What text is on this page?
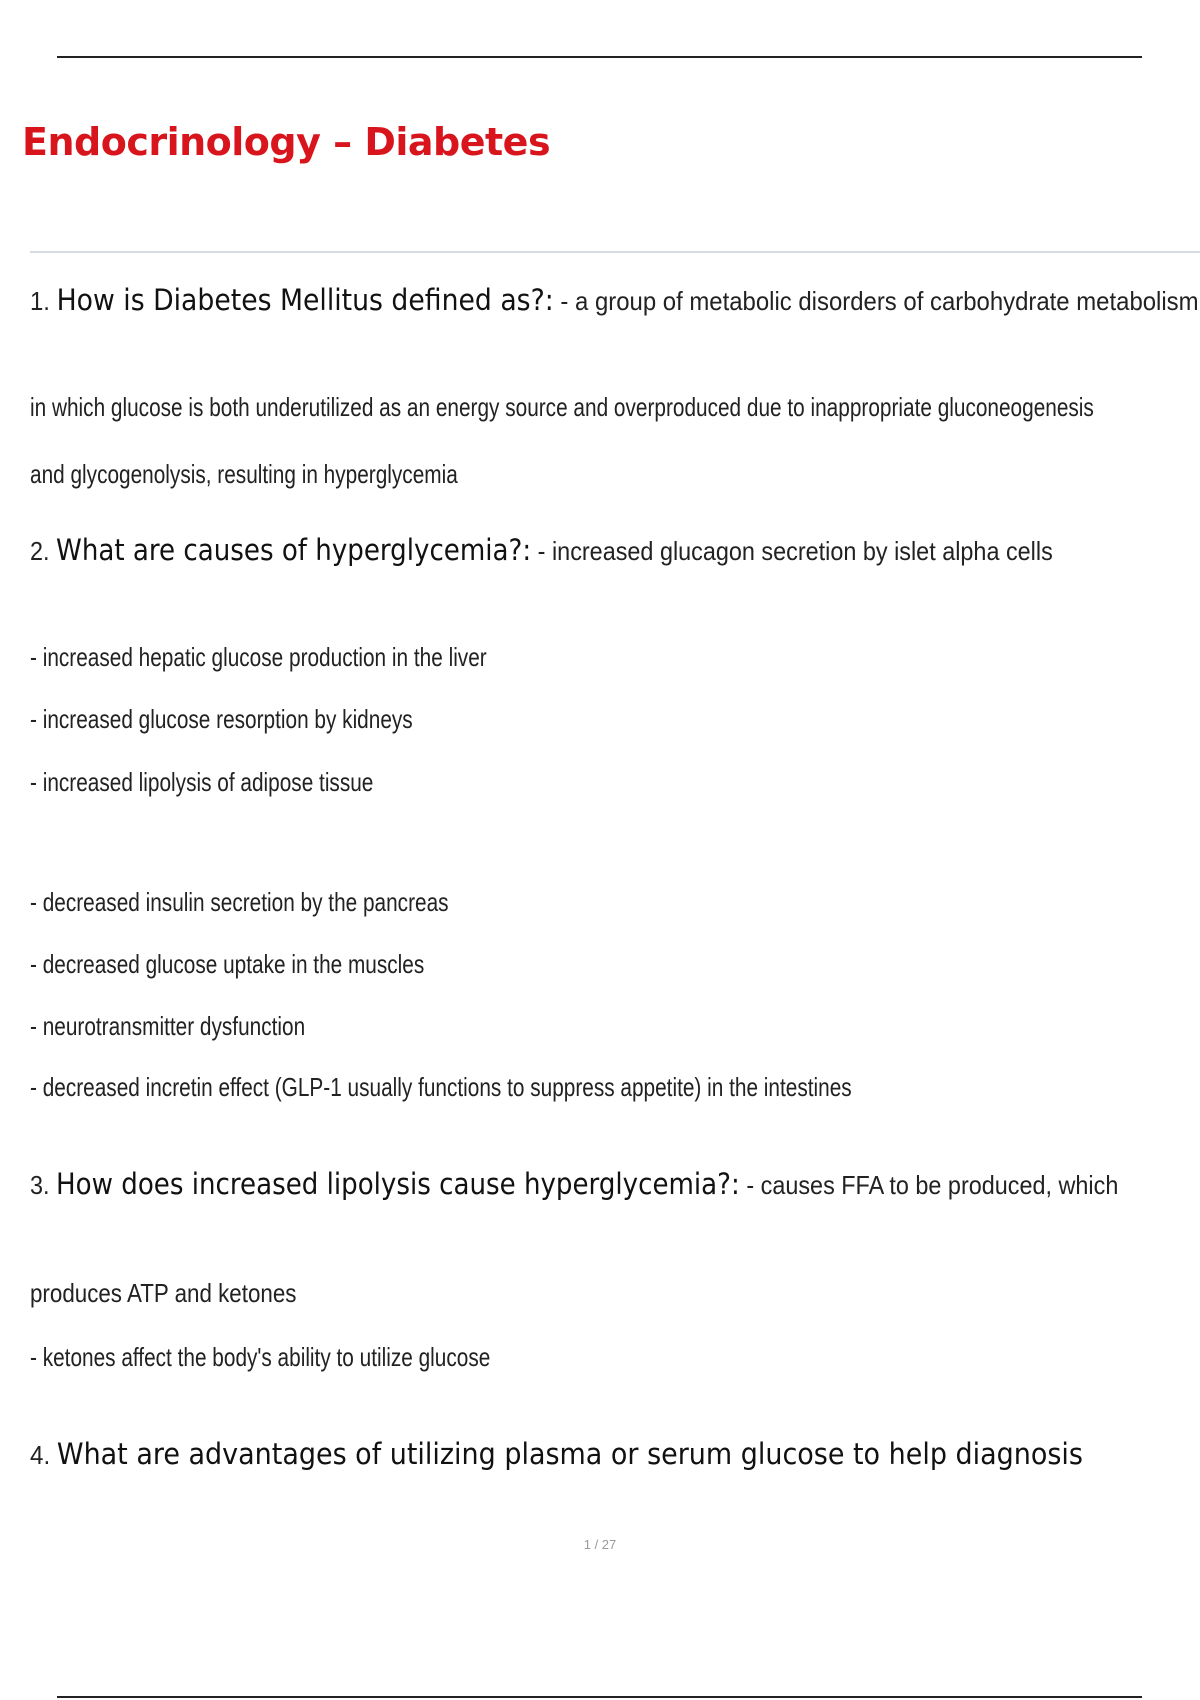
Endocrinology – Diabetes

1. How is Diabetes Mellitus defined as?: - a group of metabolic disorders of carbohydrate metabolism

in which glucose is both underutilized as an energy source and overproduced due to inappropriate gluconeogenesis

and glycogenolysis, resulting in hyperglycemia

2. What are causes of hyperglycemia?: - increased glucagon secretion by islet alpha cells

- increased hepatic glucose production in the liver

- increased glucose resorption by kidneys

- increased lipolysis of adipose tissue

- decreased insulin secretion by the pancreas

- decreased glucose uptake in the muscles

- neurotransmitter dysfunction

- decreased incretin effect (GLP-1 usually functions to suppress appetite) in the intestines

3. How does increased lipolysis cause hyperglycemia?: - causes FFA to be produced, which

produces ATP and ketones

- ketones affect the body's ability to utilize glucose

4. What are advantages of utilizing plasma or serum glucose to help diagnosis

1 / 27
